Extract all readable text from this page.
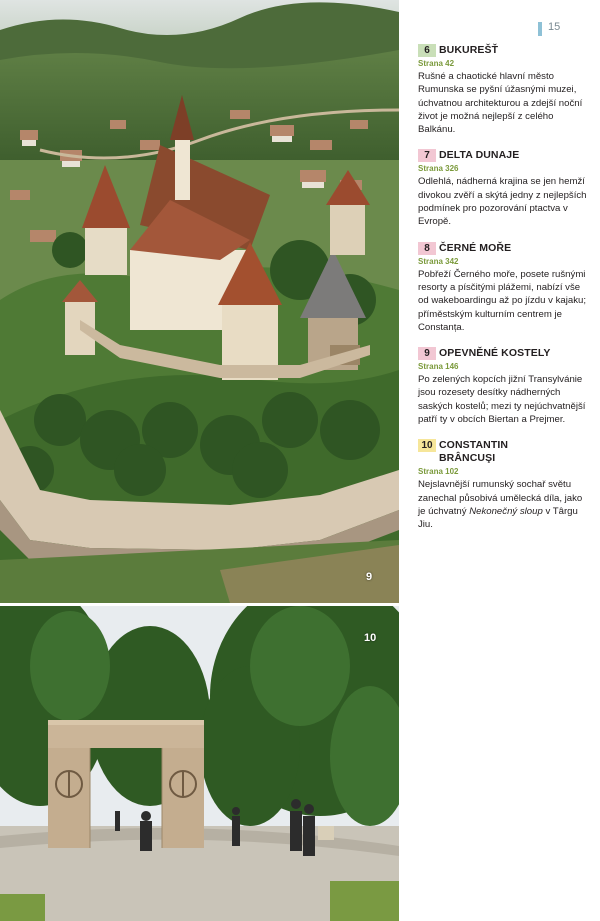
9
10
15
6 BUKUREŠŤ
Strana 42
Rušné a chaotické hlavní město Rumunska se pyšní úžasnými muzei, úchvatnou architekturou a zdejší noční život je možná nejlepší z celého Balkánu.
7 DELTA DUNAJE
Strana 326
Odlehlá, nádherná krajina se jen hemží divokou zvěří a skýtá jedny z nejlepších podmínek pro pozorování ptactva v Evropě.
8 ČERNÉ MOŘE
Strana 342
Pobřeží Černého moře, posete rušnými resorty a písčitými plážemi, nabízí vše od wakeboardingu až po jízdu v kajaku; příměstským kulturním centrem je Constanța.
9 OPEVNĚNÉ KOSTELY
Strana 146
Po zelených kopcích jižní Transylvánie jsou rozesety desítky nádherných saských kostelů; mezi ty nejúchvatnější patří ty v obcích Biertan a Prejmer.
10 CONSTANTIN
BRÂNCUŞI
Strana 102
Nejslavnější rumunský sochař světu zanechal působivá umělecká díla, jako je úchvatný Nekonečný sloup v Târgu Jiu.
